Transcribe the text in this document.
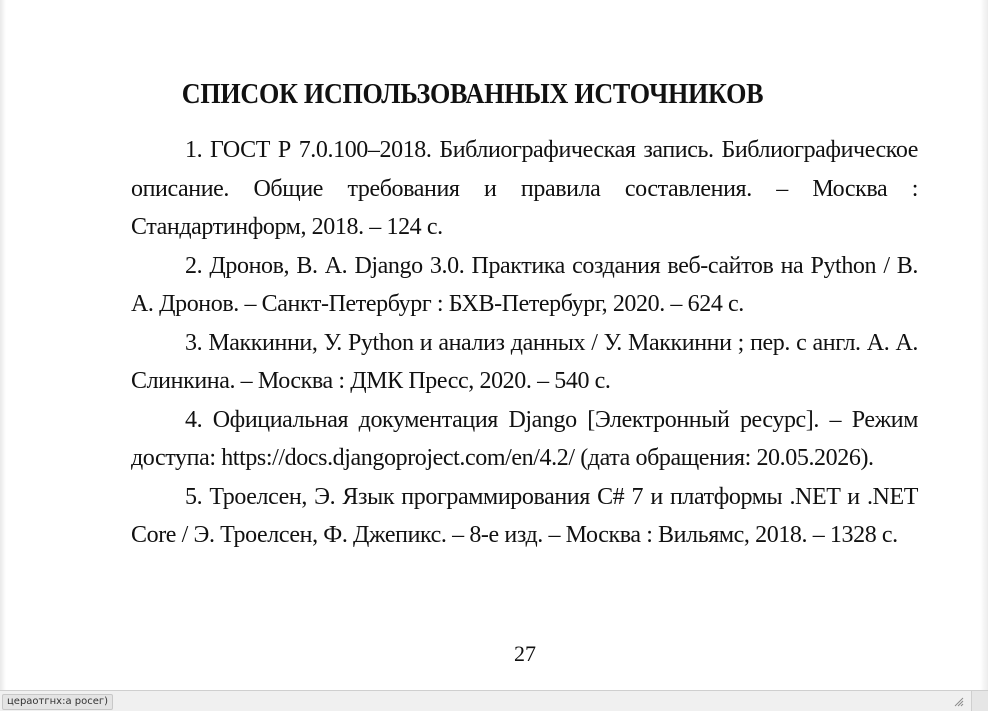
СПИСОК ИСПОЛЬЗОВАННЫХ ИСТОЧНИКОВ

1. ГОСТ Р 7.0.100–2018. Библиографическая запись. Библиографическое описание. Общие требования и правила составления. – Москва : Стандартинформ, 2018. – 124 с.

2. Дронов, В. А. Django 3.0. Практика создания веб-сайтов на Python / В. А. Дронов. – Санкт-Петербург : БХВ-Петербург, 2020. – 624 с.

3. Маккинни, У. Python и анализ данных / У. Маккинни ; пер. с англ. А. А. Слинкина. – Москва : ДМК Пресс, 2020. – 540 с.

4. Официальная документация Django [Электронный ресурс]. – Режим доступа: https://docs.djangoproject.com/en/4.2/ (дата обращения: 20.05.2026).

5. Троелсен, Э. Язык программирования C# 7 и платформы .NET и .NET Core / Э. Троелсен, Ф. Джепикс. – 8-е изд. – Москва : Вильямс, 2018. – 1328 с.

27
цераотгнх:а росег)
